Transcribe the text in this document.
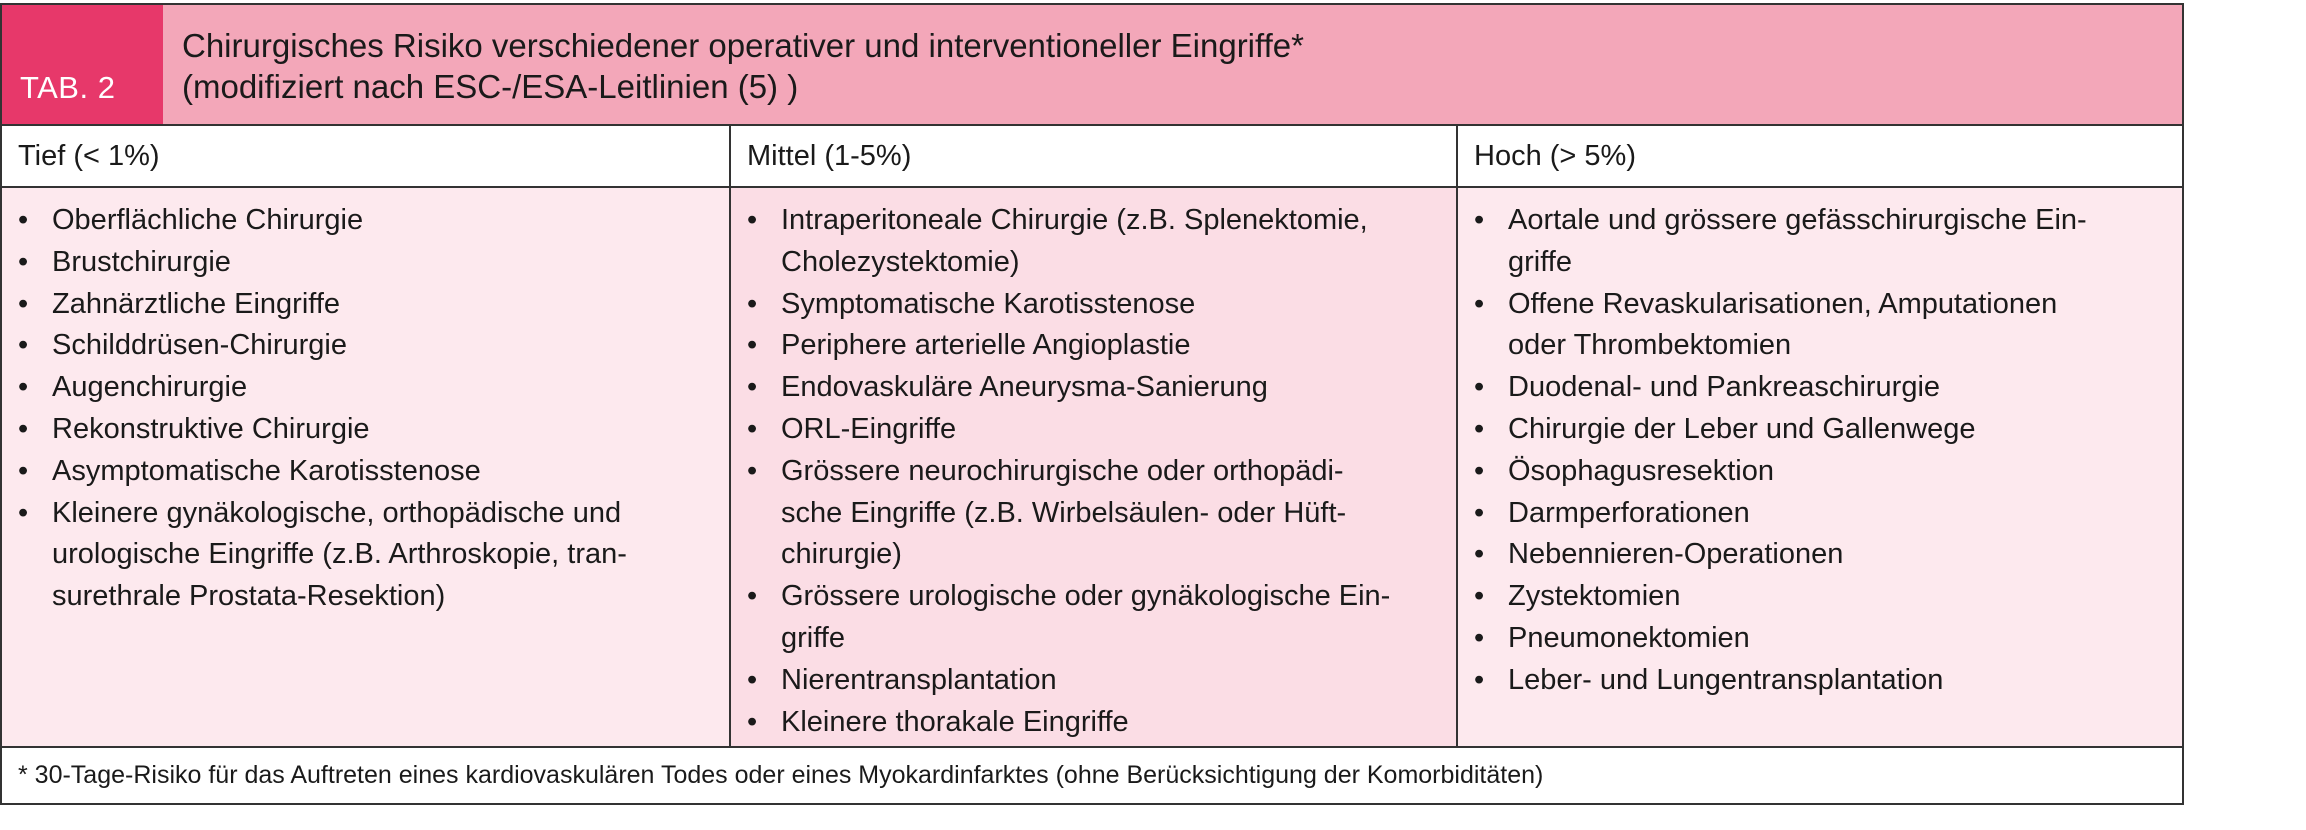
TAB. 2
Chirurgisches Risiko verschiedener operativer und interventioneller Eingriffe*
(modifiziert nach ESC-/ESA-Leitlinien (5) )
Tief (< 1%)	Mittel (1-5%)	Hoch (> 5%)
• Oberflächliche Chirurgie
• Brustchirurgie
• Zahnärztliche Eingriffe
• Schilddrüsen-Chirurgie
• Augenchirurgie
• Rekonstruktive Chirurgie
• Asymptomatische Karotisstenose
• Kleinere gynäkologische, orthopädische und
urologische Eingriffe (z.B. Arthroskopie, tran-
surethrale Prostata-Resektion)
• Intraperitoneale Chirurgie (z.B. Splenektomie,
Cholezystektomie)
• Symptomatische Karotisstenose
• Periphere arterielle Angioplastie
• Endovaskuläre Aneurysma-Sanierung
• ORL-Eingriffe
• Grössere neurochirurgische oder orthopädi-
sche Eingriffe (z.B. Wirbelsäulen- oder Hüft-
chirurgie)
• Grössere urologische oder gynäkologische Ein-
griffe
• Nierentransplantation
• Kleinere thorakale Eingriffe
• Aortale und grössere gefässchirurgische Ein-
griffe
• Offene Revaskularisationen, Amputationen
oder Thrombektomien
• Duodenal- und Pankreaschirurgie
• Chirurgie der Leber und Gallenwege
• Ösophagusresektion
• Darmperforationen
• Nebennieren-Operationen
• Zystektomien
• Pneumonektomien
• Leber- und Lungentransplantation
* 30-Tage-Risiko für das Auftreten eines kardiovaskulären Todes oder eines Myokardinfarktes (ohne Berücksichtigung der Komorbiditäten)
